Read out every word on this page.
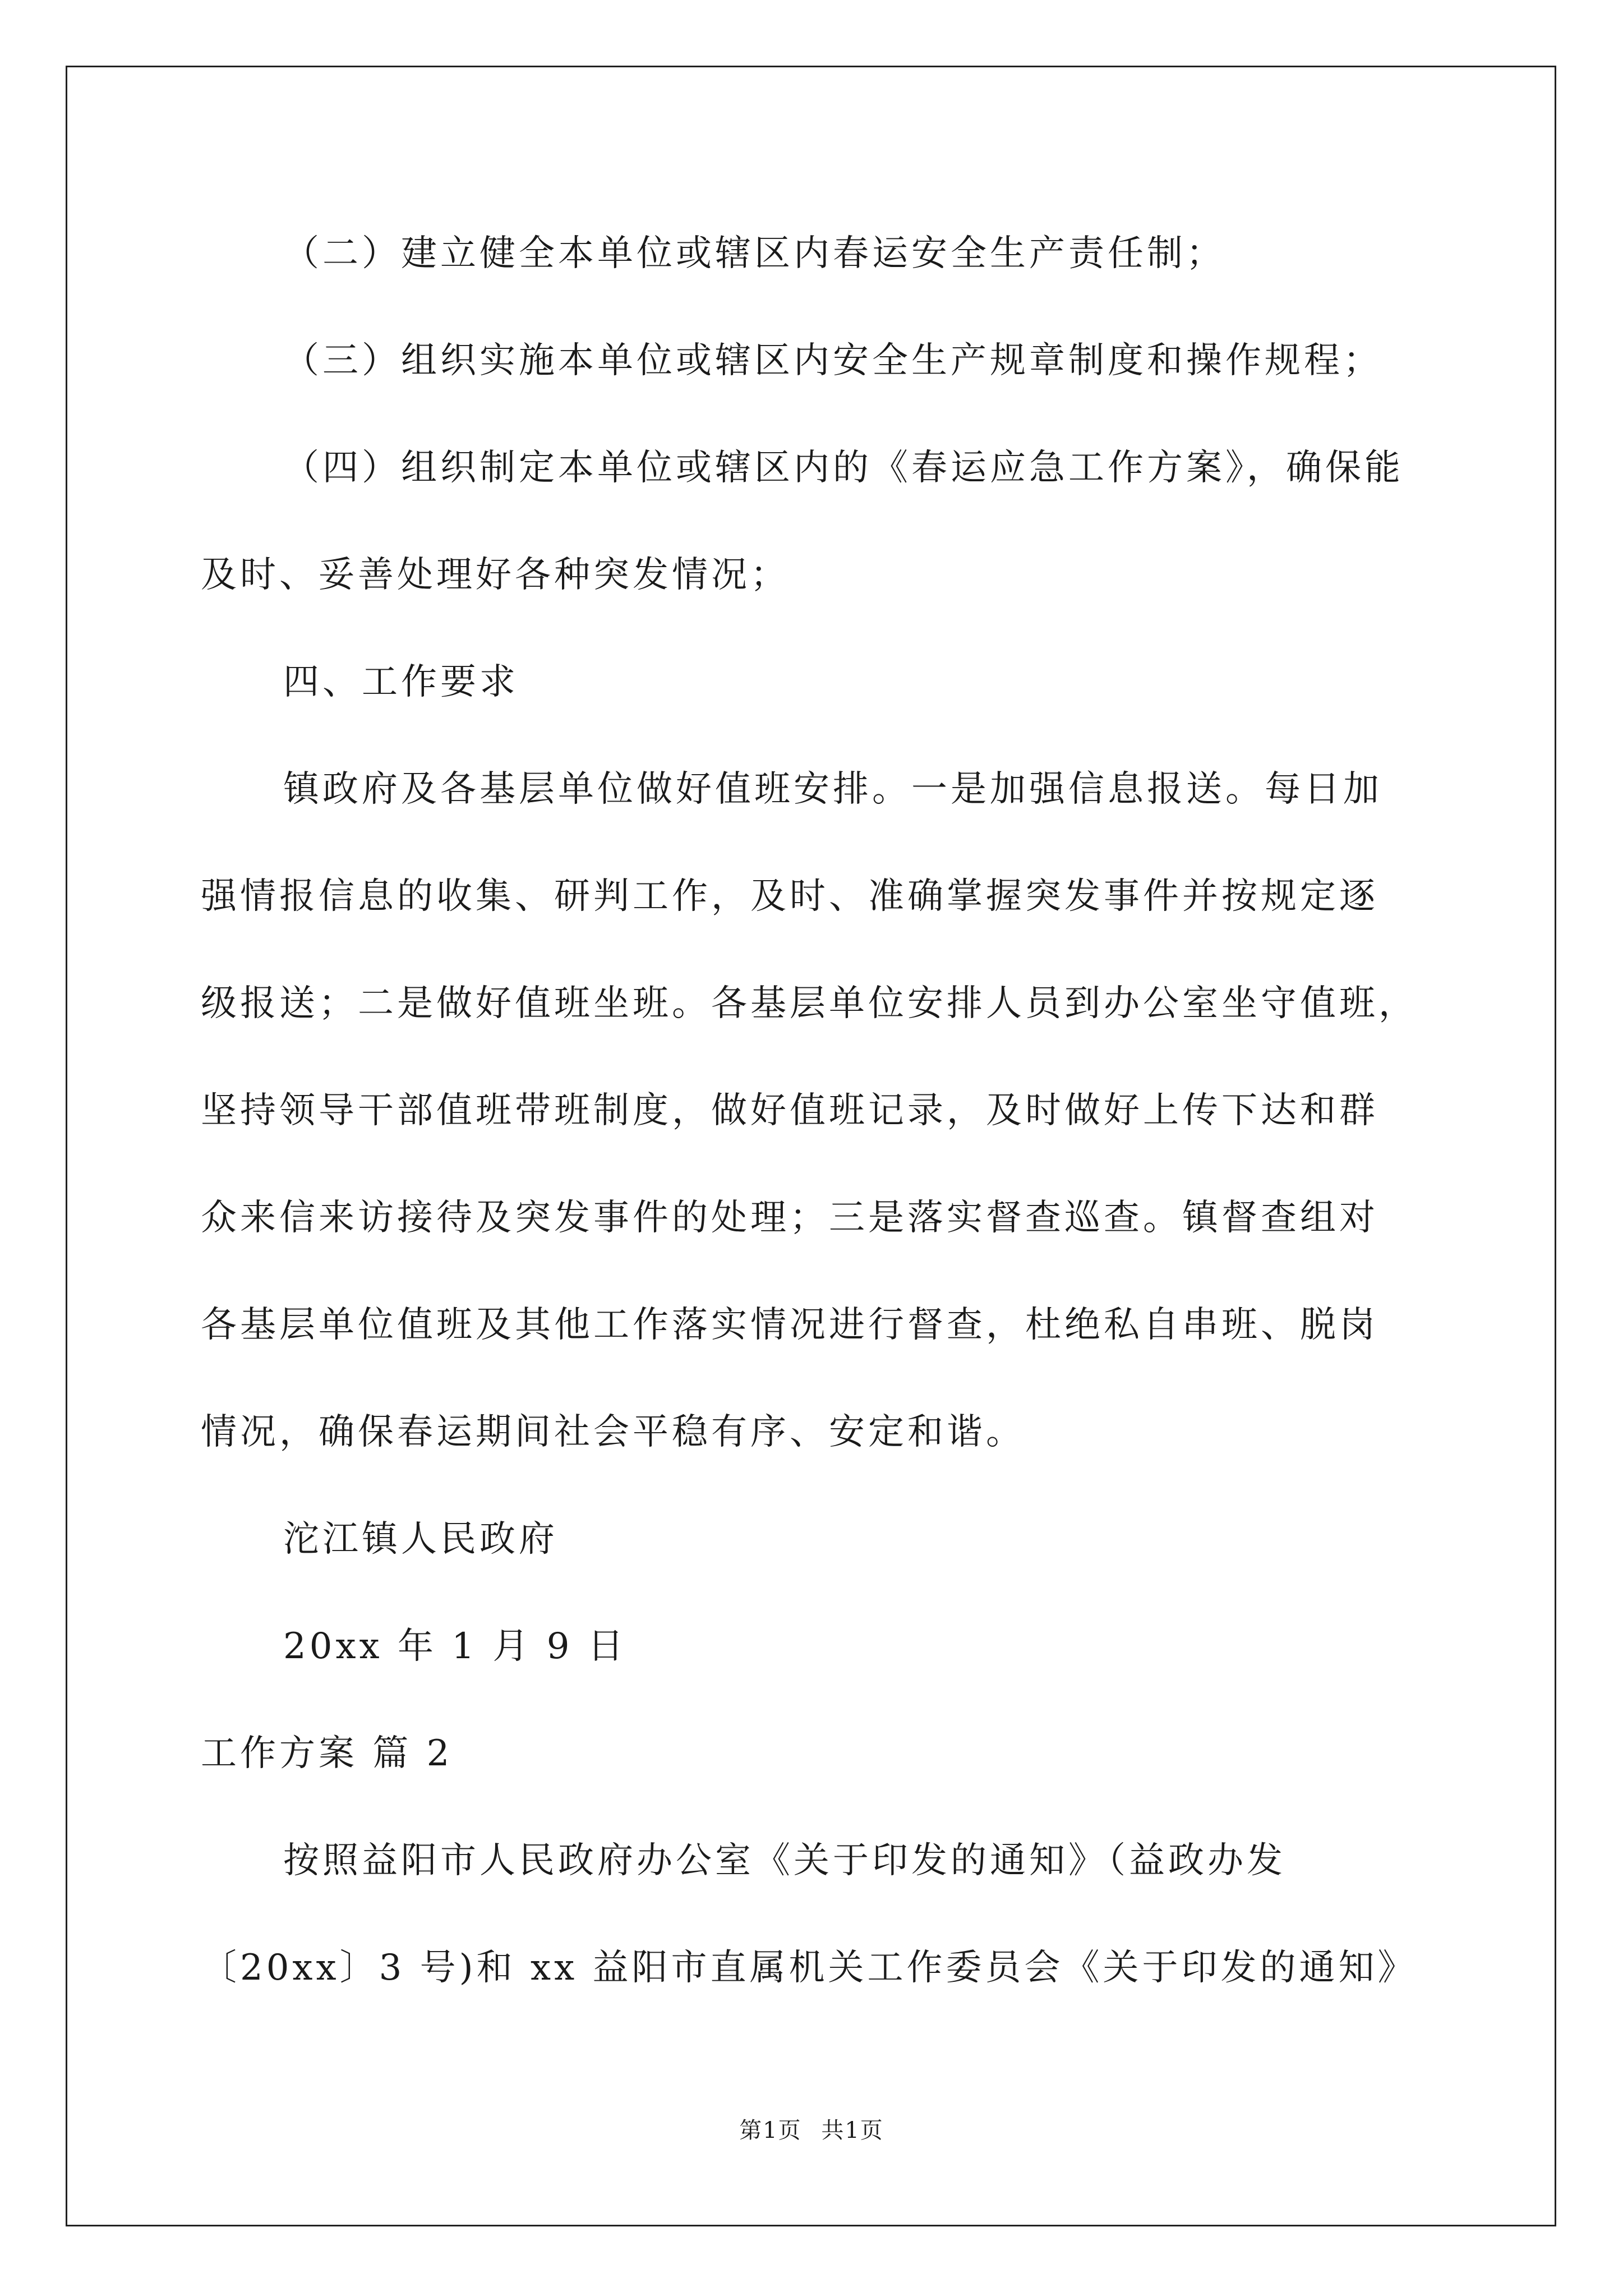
（二）建立健全本单位或辖区内春运安全生产责任制；
（三）组织实施本单位或辖区内安全生产规章制度和操作规程；
（四）组织制定本单位或辖区内的《春运应急工作方案》，确保能
及时、妥善处理好各种突发情况；
四、工作要求
镇政府及各基层单位做好值班安排。一是加强信息报送。每日加
强情报信息的收集、研判工作，及时、准确掌握突发事件并按规定逐
级报送；二是做好值班坐班。各基层单位安排人员到办公室坐守值班，
坚持领导干部值班带班制度，做好值班记录，及时做好上传下达和群
众来信来访接待及突发事件的处理；三是落实督查巡查。镇督查组对
各基层单位值班及其他工作落实情况进行督查，杜绝私自串班、脱岗
情况，确保春运期间社会平稳有序、安定和谐。
沱江镇人民政府
20xx 年 1 月 9 日
工作方案 篇 2
按照益阳市人民政府办公室《关于印发的通知》（益政办发
〔20xx〕3 号)和 xx 益阳市直属机关工作委员会《关于印发的通知》
第1页 共1页
